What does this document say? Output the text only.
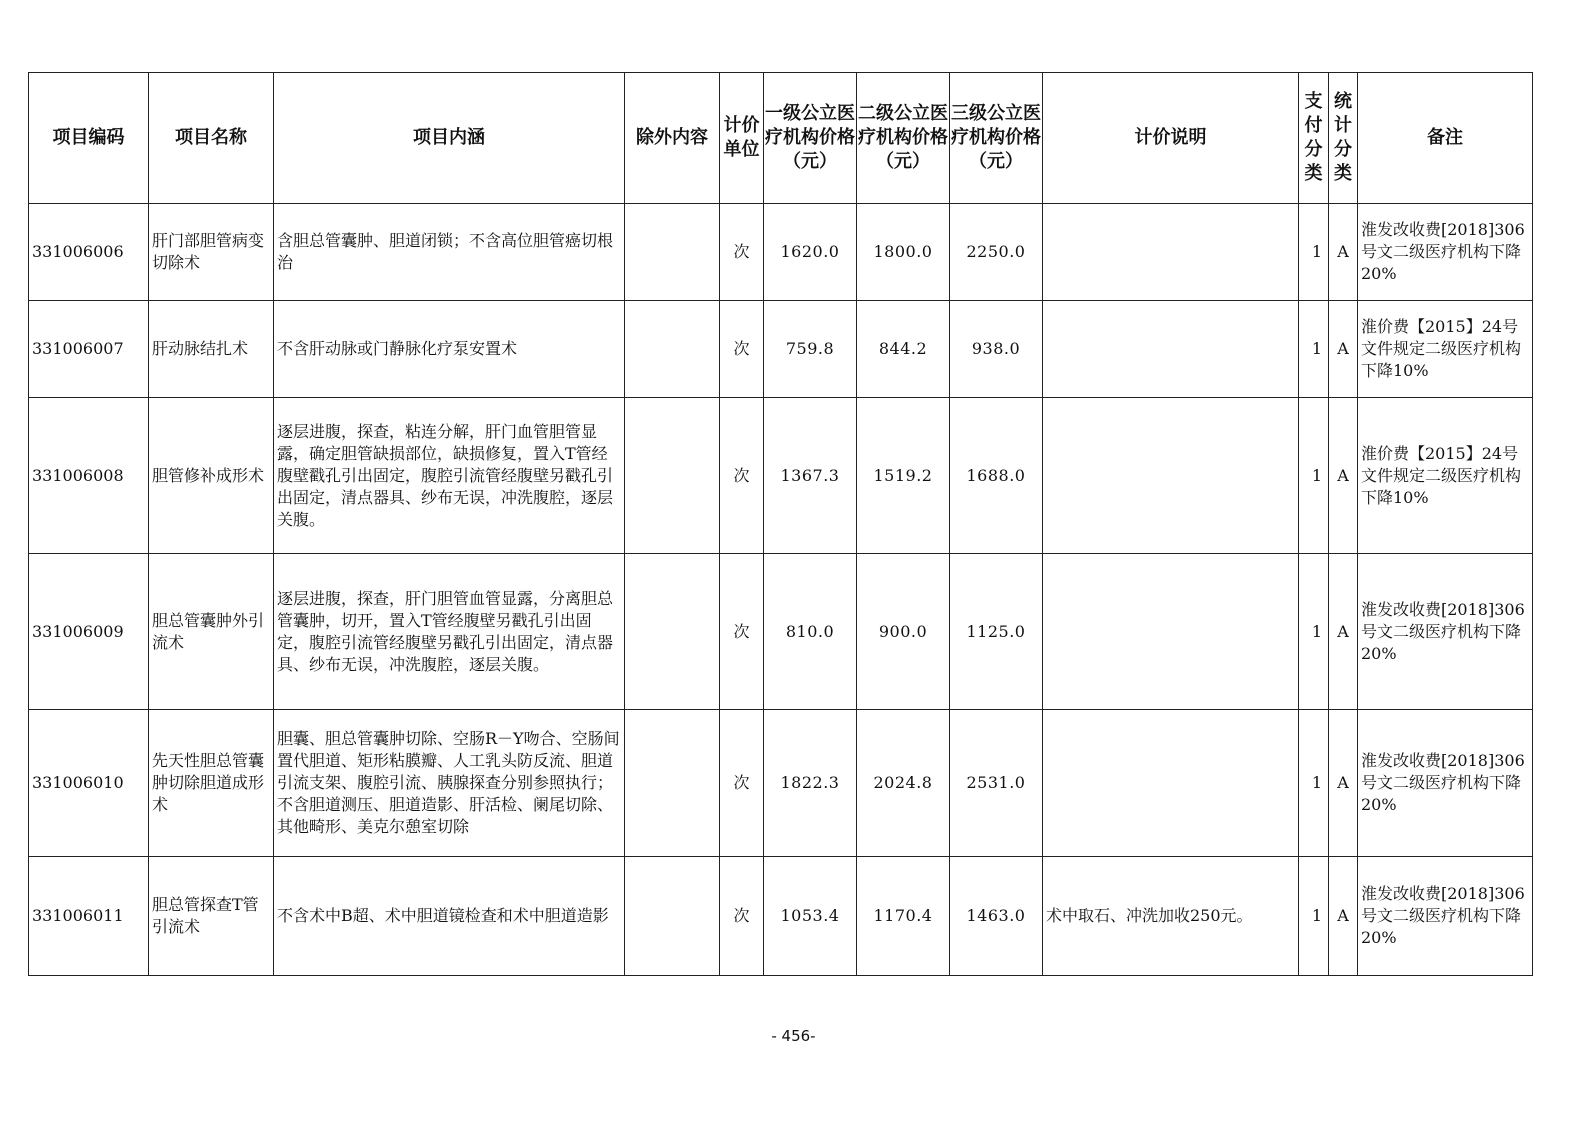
项目编码	项目名称	项目内涵	除外内容	计价单位	一级公立医疗机构价格（元）	二级公立医疗机构价格（元）	三级公立医疗机构价格（元）	计价说明	支付分类	统计分类	备注
331006006	肝门部胆管病变切除术	含胆总管囊肿、胆道闭锁；不含高位胆管癌切根治		次	1620.0	1800.0	2250.0		1	A	淮发改收费[2018]306号文二级医疗机构下降20%
331006007	肝动脉结扎术	不含肝动脉或门静脉化疗泵安置术		次	759.8	844.2	938.0		1	A	淮价费【2015】24号文件规定二级医疗机构下降10%
331006008	胆管修补成形术	逐层进腹，探查，粘连分解，肝门血管胆管显露，确定胆管缺损部位，缺损修复，置入T管经腹壁戳孔引出固定，腹腔引流管经腹壁另戳孔引出固定，清点器具、纱布无误，冲洗腹腔，逐层关腹。		次	1367.3	1519.2	1688.0		1	A	淮价费【2015】24号文件规定二级医疗机构下降10%
331006009	胆总管囊肿外引流术	逐层进腹，探查，肝门胆管血管显露，分离胆总管囊肿，切开，置入T管经腹壁另戳孔引出固定，腹腔引流管经腹壁另戳孔引出固定，清点器具、纱布无误，冲洗腹腔，逐层关腹。		次	810.0	900.0	1125.0		1	A	淮发改收费[2018]306号文二级医疗机构下降20%
331006010	先天性胆总管囊肿切除胆道成形术	胆囊、胆总管囊肿切除、空肠R－Y吻合、空肠间置代胆道、矩形粘膜瓣、人工乳头防反流、胆道引流支架、腹腔引流、胰腺探查分别参照执行；不含胆道测压、胆道造影、肝活检、阑尾切除、其他畸形、美克尔憩室切除		次	1822.3	2024.8	2531.0		1	A	淮发改收费[2018]306号文二级医疗机构下降20%
331006011	胆总管探查T管引流术	不含术中B超、术中胆道镜检查和术中胆道造影		次	1053.4	1170.4	1463.0	术中取石、冲洗加收250元。	1	A	淮发改收费[2018]306号文二级医疗机构下降20%
- 456-
